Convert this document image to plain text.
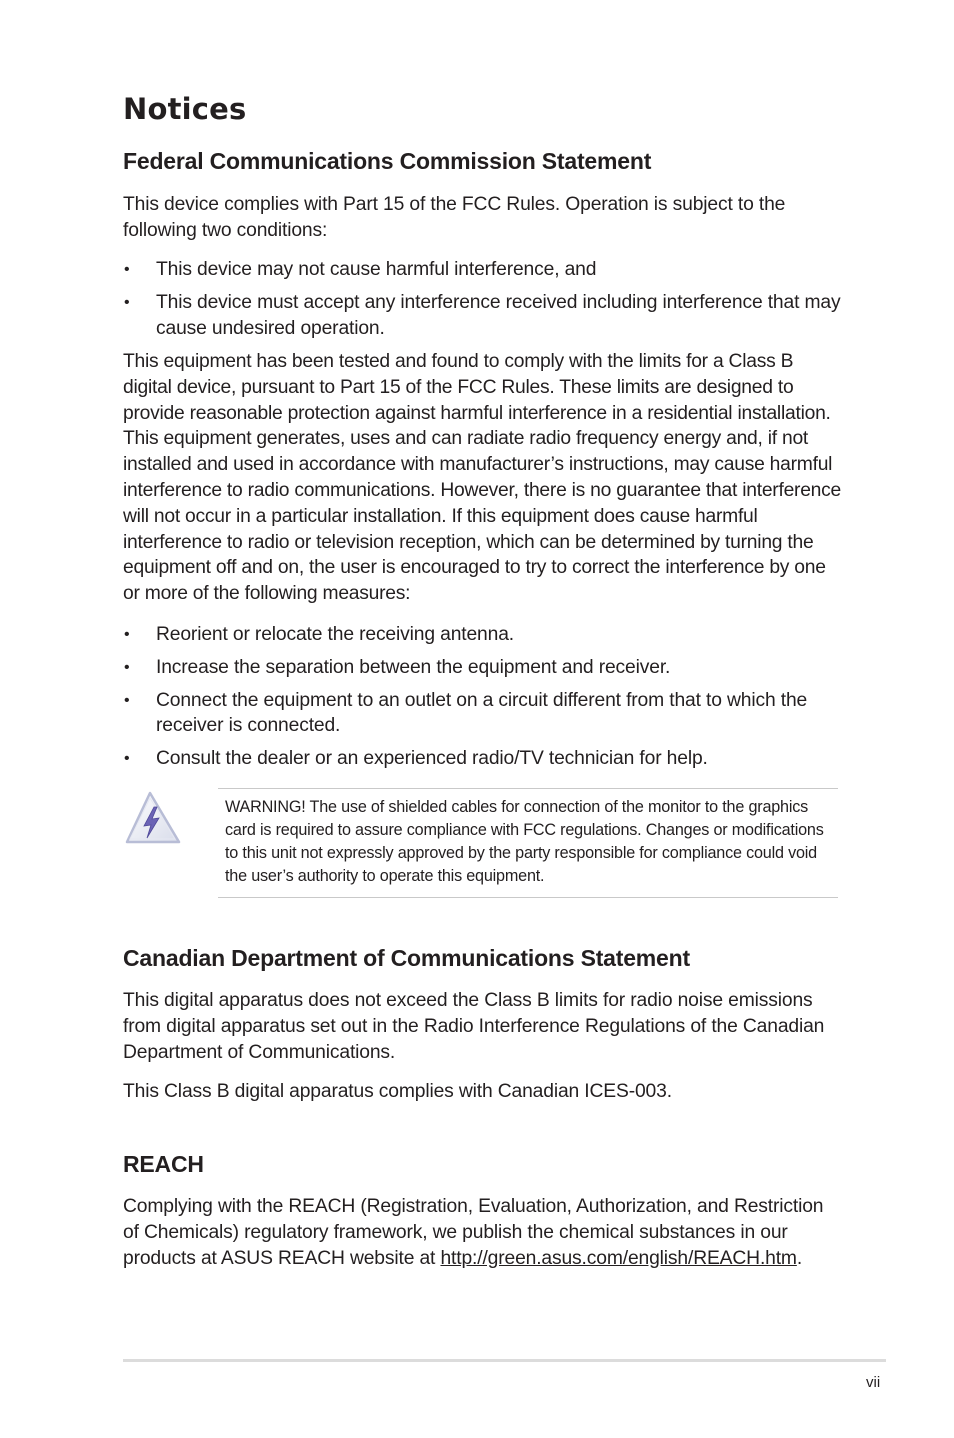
Notices
Federal Communications Commission Statement

This device complies with Part 15 of the FCC Rules. Operation is subject to the following two conditions:

• This device may not cause harmful interference, and
• This device must accept any interference received including interference that may cause undesired operation.

This equipment has been tested and found to comply with the limits for a Class B digital device, pursuant to Part 15 of the FCC Rules. These limits are designed to provide reasonable protection against harmful interference in a residential installation. This equipment generates, uses and can radiate radio frequency energy and, if not installed and used in accordance with manufacturer’s instructions, may cause harmful interference to radio communications. However, there is no guarantee that interference will not occur in a particular installation. If this equipment does cause harmful interference to radio or television reception, which can be determined by turning the equipment off and on, the user is encouraged to try to correct the interference by one or more of the following measures:

• Reorient or relocate the receiving antenna.
• Increase the separation between the equipment and receiver.
• Connect the equipment to an outlet on a circuit different from that to which the receiver is connected.
• Consult the dealer or an experienced radio/TV technician for help.

WARNING! The use of shielded cables for connection of the monitor to the graphics card is required to assure compliance with FCC regulations. Changes or modifications to this unit not expressly approved by the party responsible for compliance could void the user’s authority to operate this equipment.

Canadian Department of Communications Statement

This digital apparatus does not exceed the Class B limits for radio noise emissions from digital apparatus set out in the Radio Interference Regulations of the Canadian Department of Communications.

This Class B digital apparatus complies with Canadian ICES-003.

REACH

Complying with the REACH (Registration, Evaluation, Authorization, and Restriction of Chemicals) regulatory framework, we publish the chemical substances in our products at ASUS REACH website at http://green.asus.com/english/REACH.htm.

vii
